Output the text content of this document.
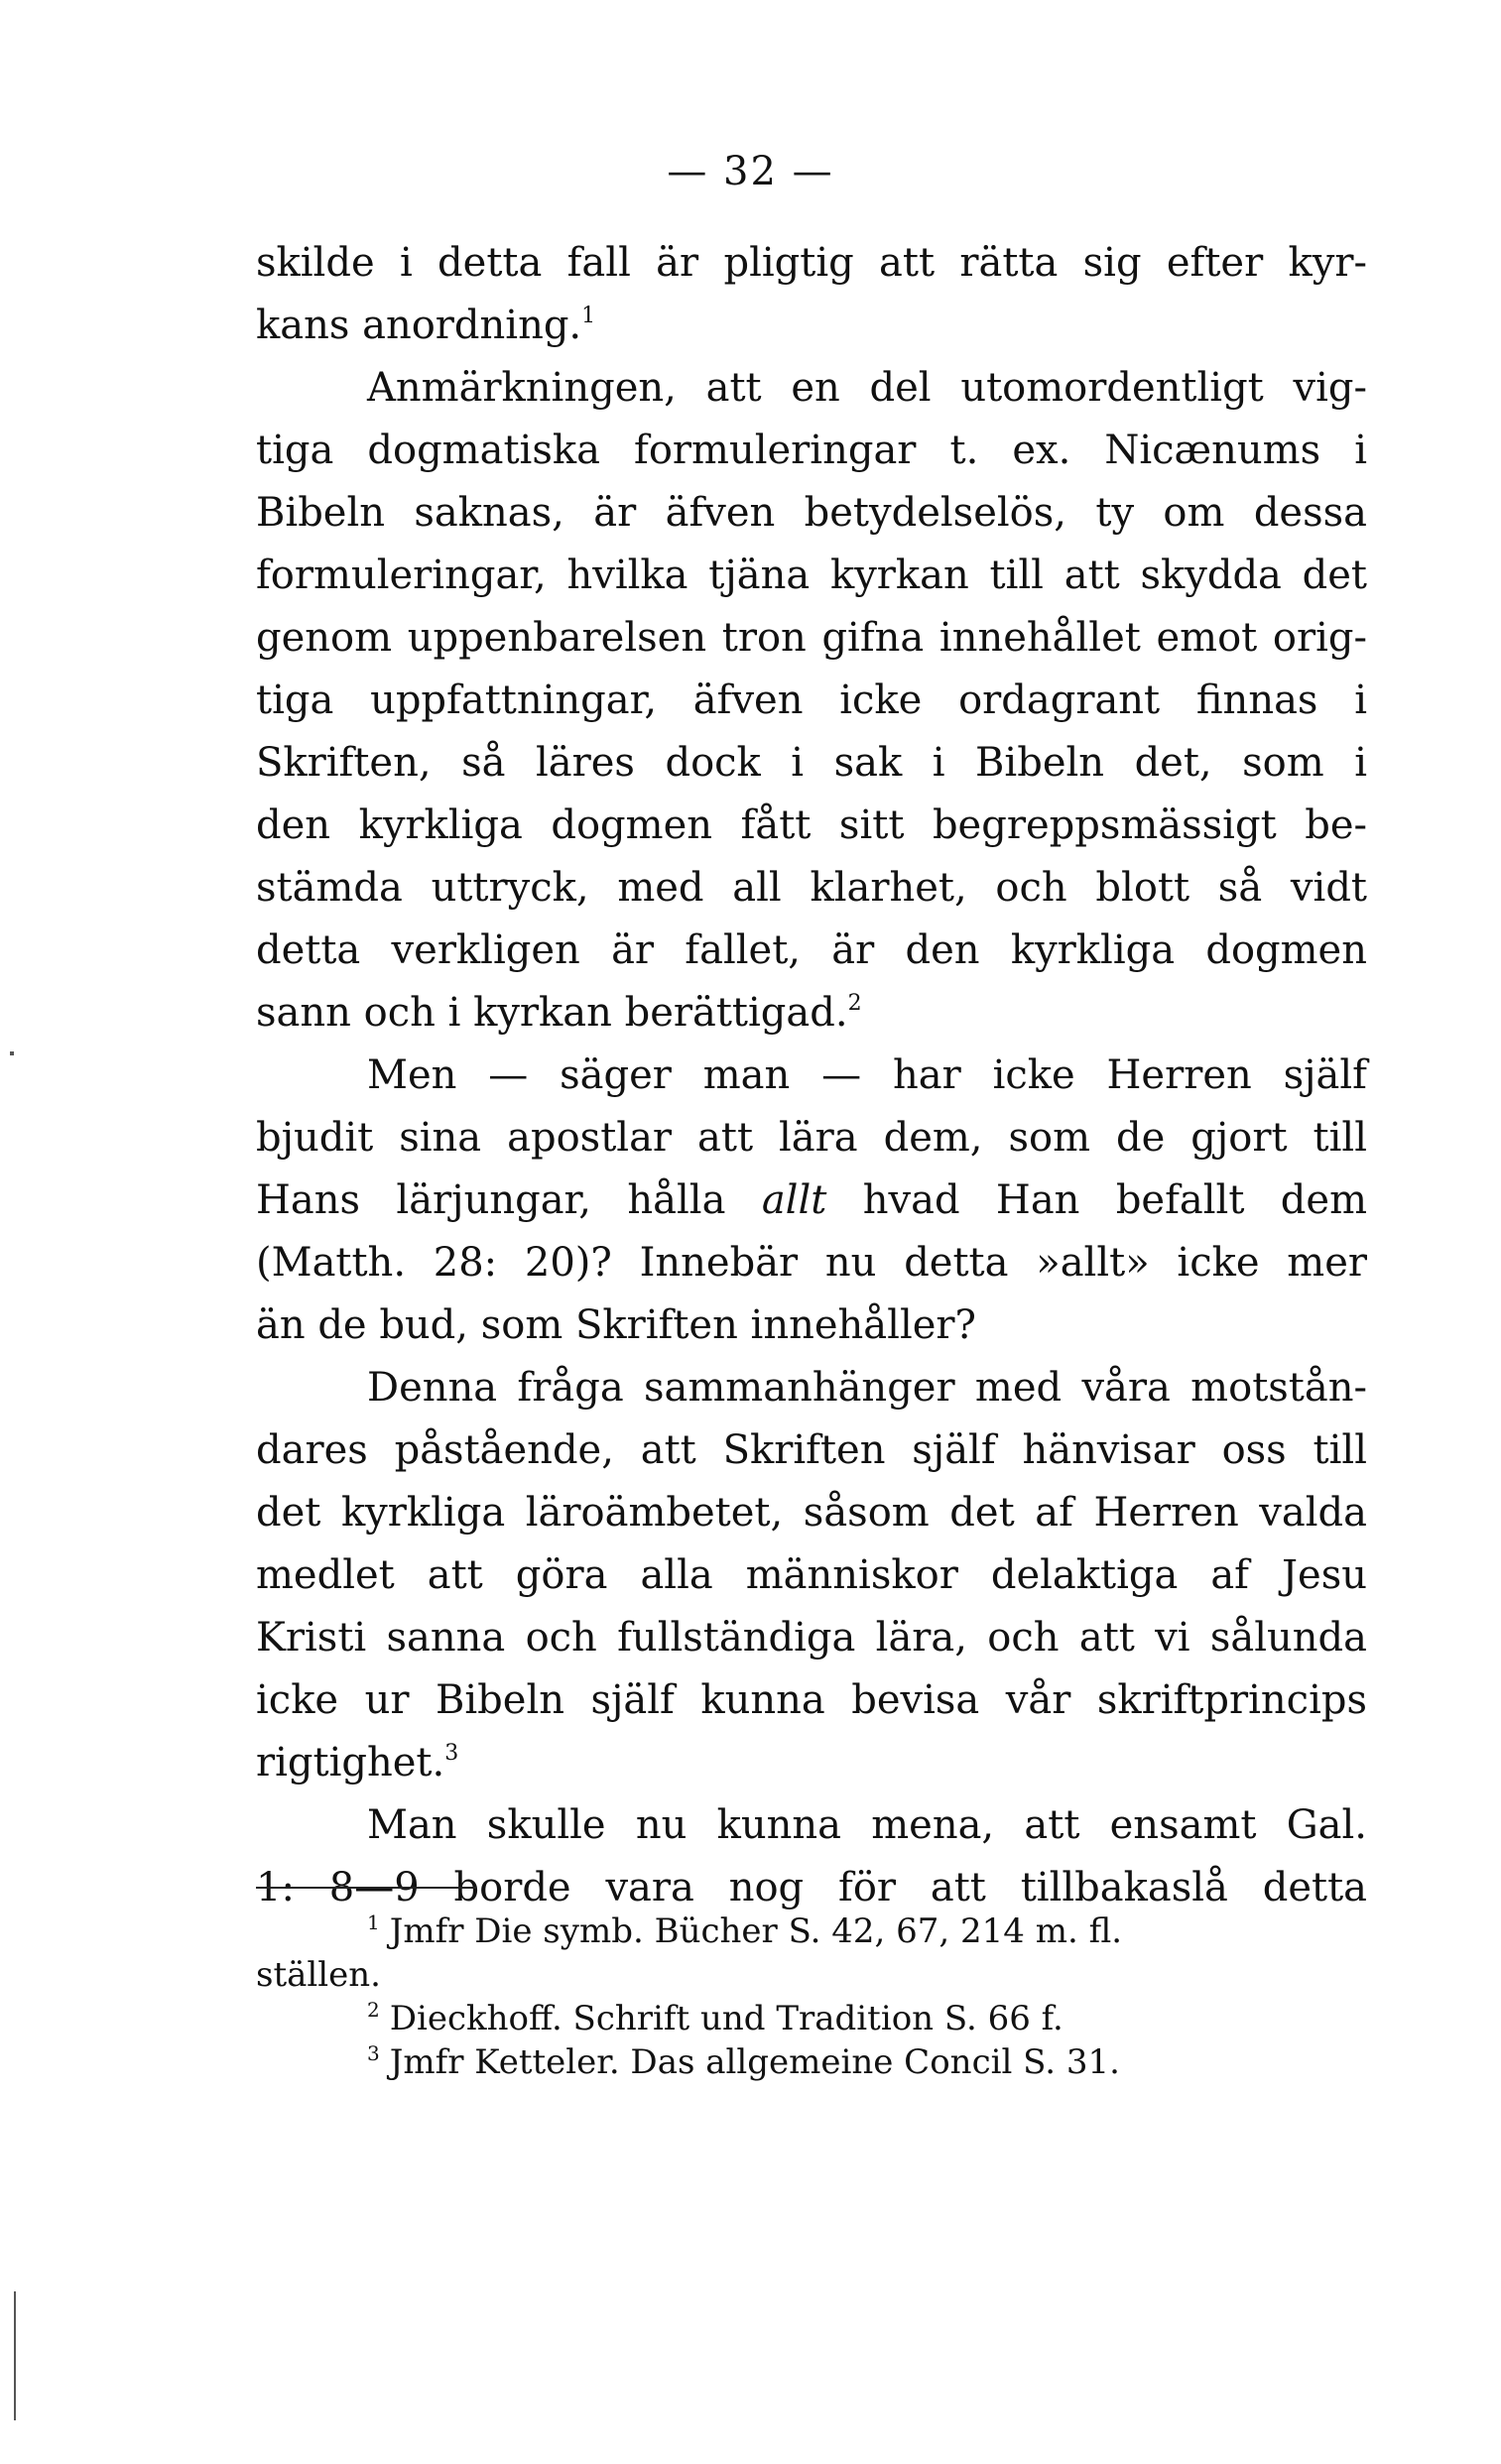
— 32 —
skilde i detta fall är pligtig att rätta sig efter kyr-
kans anordning.$^1$
Anmärkningen, att en del utomordentligt vig-
tiga dogmatiska formuleringar t. ex. Nicænums i
Bibeln saknas, är äfven betydelselös, ty om dessa
formuleringar, hvilka tjäna kyrkan till att skydda det
genom uppenbarelsen tron gifna innehållet emot orig-
tiga uppfattningar, äfven icke ordagrant finnas i
Skriften, så läres dock i sak i Bibeln det, som i
den kyrkliga dogmen fått sitt begreppsmässigt be-
stämda uttryck, med all klarhet, och blott så vidt
detta verkligen är fallet, är den kyrkliga dogmen
sann och i kyrkan berättigad.$^2$
Men — säger man — har icke Herren själf
bjudit sina apostlar att lära dem, som de gjort till
Hans lärjungar, hålla allt hvad Han befallt dem
(Matth. 28: 20)? Innebär nu detta »allt» icke mer
än de bud, som Skriften innehåller?
Denna fråga sammanhänger med våra motstån-
dares påstående, att Skriften själf hänvisar oss till
det kyrkliga läroämbetet, såsom det af Herren valda
medlet att göra alla människor delaktiga af Jesu
Kristi sanna och fullständiga lära, och att vi sålunda
icke ur Bibeln själf kunna bevisa vår skriftprincips
rigtighet.$^3$
Man skulle nu kunna mena, att ensamt Gal.
1: 8—9 borde vara nog för att tillbakaslå detta
$^1$ Jmfr Die symb. Bücher S. 42, 67, 214 m. fl.
ställen.
$^2$ Dieckhoff. Schrift und Tradition S. 66 f.
$^3$ Jmfr Ketteler. Das allgemeine Concil S. 31.
